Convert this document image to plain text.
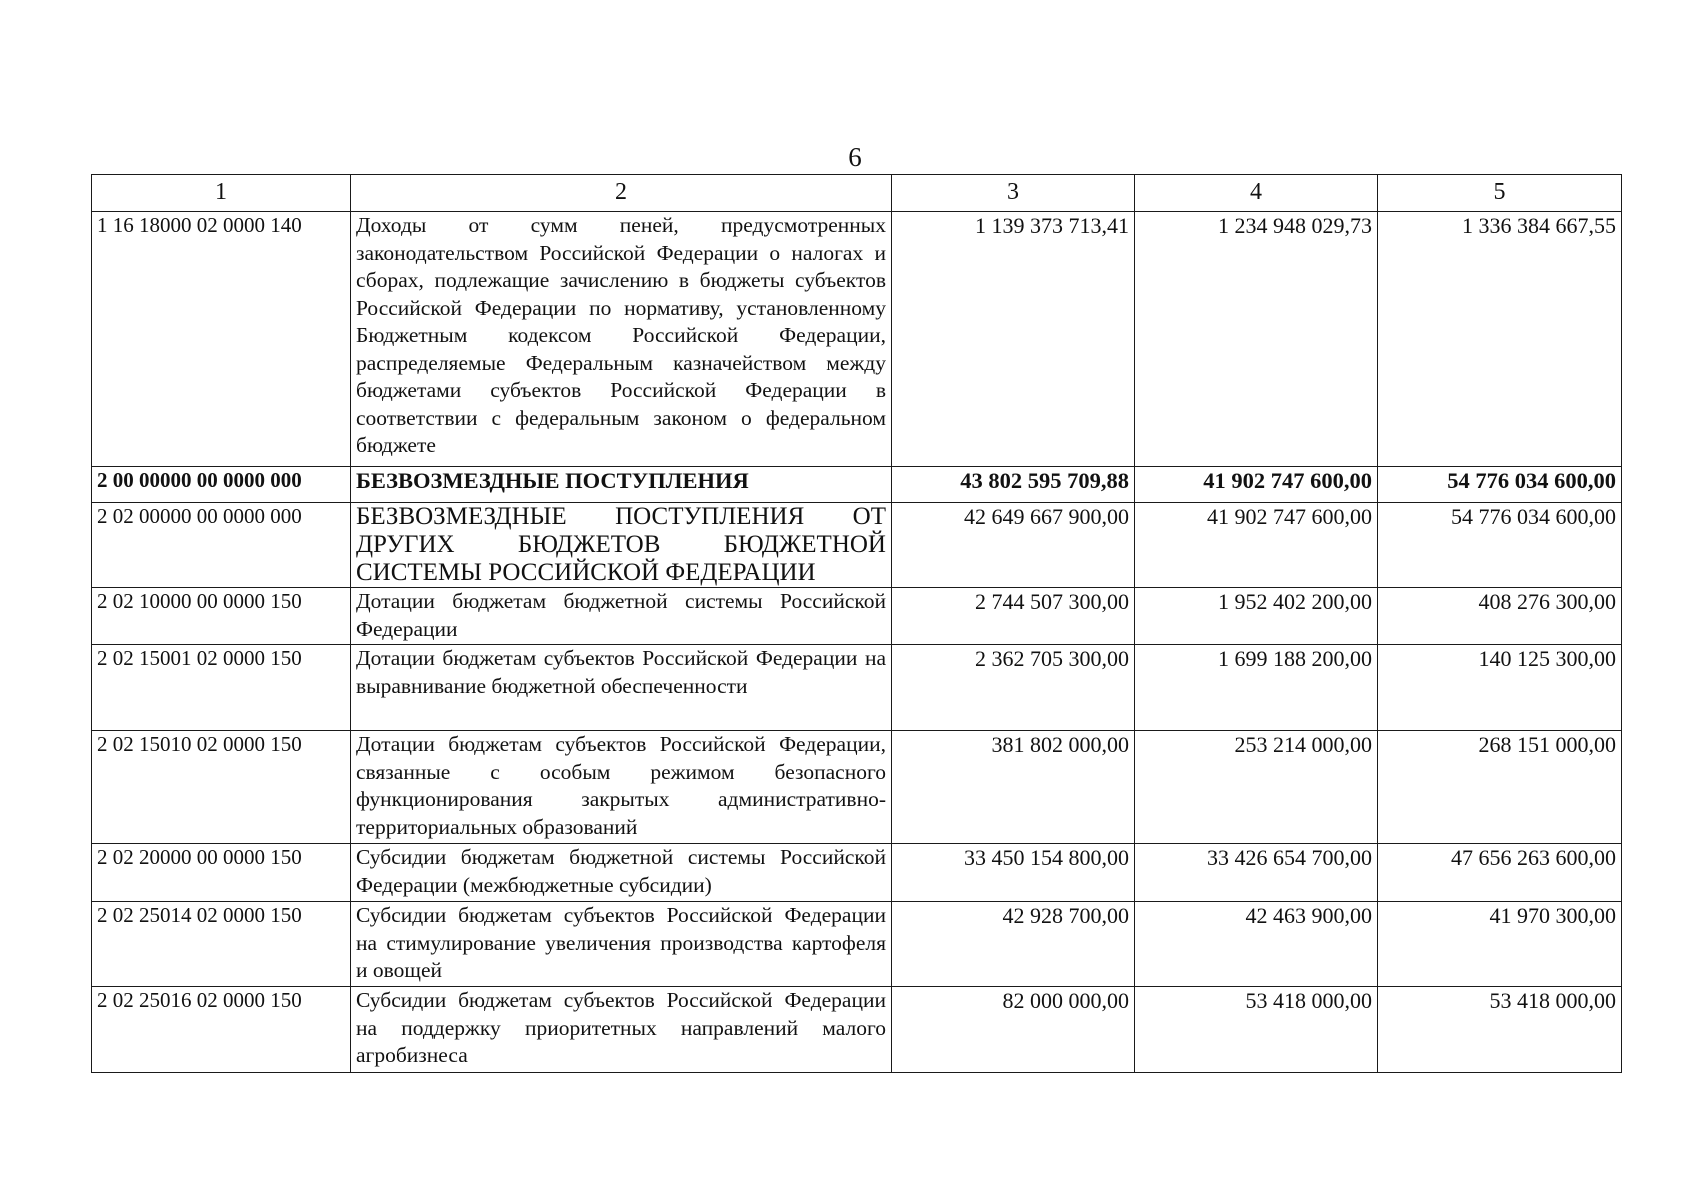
6
1	2	3	4	5
1 16 18000 02 0000 140	Доходы от сумм пеней, предусмотренных законодательством Российской Федерации о налогах и сборах, подлежащие зачислению в бюджеты субъектов Российской Федерации по нормативу, установленному Бюджетным кодексом Российской Федерации, распределяемые Федеральным казначейством между бюджетами субъектов Российской Федерации в соответствии с федеральным законом о федеральном бюджете	1 139 373 713,41	1 234 948 029,73	1 336 384 667,55
2 00 00000 00 0000 000	БЕЗВОЗМЕЗДНЫЕ ПОСТУПЛЕНИЯ	43 802 595 709,88	41 902 747 600,00	54 776 034 600,00
2 02 00000 00 0000 000	БЕЗВОЗМЕЗДНЫЕ ПОСТУПЛЕНИЯ ОТ ДРУГИХ БЮДЖЕТОВ БЮДЖЕТНОЙ СИСТЕМЫ РОССИЙСКОЙ ФЕДЕРАЦИИ	42 649 667 900,00	41 902 747 600,00	54 776 034 600,00
2 02 10000 00 0000 150	Дотации бюджетам бюджетной системы Российской Федерации	2 744 507 300,00	1 952 402 200,00	408 276 300,00
2 02 15001 02 0000 150	Дотации бюджетам субъектов Российской Федерации на выравнивание бюджетной обеспеченности	2 362 705 300,00	1 699 188 200,00	140 125 300,00
2 02 15010 02 0000 150	Дотации бюджетам субъектов Российской Федерации, связанные с особым режимом безопасного функционирования закрытых административно-территориальных образований	381 802 000,00	253 214 000,00	268 151 000,00
2 02 20000 00 0000 150	Субсидии бюджетам бюджетной системы Российской Федерации (межбюджетные субсидии)	33 450 154 800,00	33 426 654 700,00	47 656 263 600,00
2 02 25014 02 0000 150	Субсидии бюджетам субъектов Российской Федерации на стимулирование увеличения производства картофеля и овощей	42 928 700,00	42 463 900,00	41 970 300,00
2 02 25016 02 0000 150	Субсидии бюджетам субъектов Российской Федерации на поддержку приоритетных направлений малого агробизнеса	82 000 000,00	53 418 000,00	53 418 000,00
